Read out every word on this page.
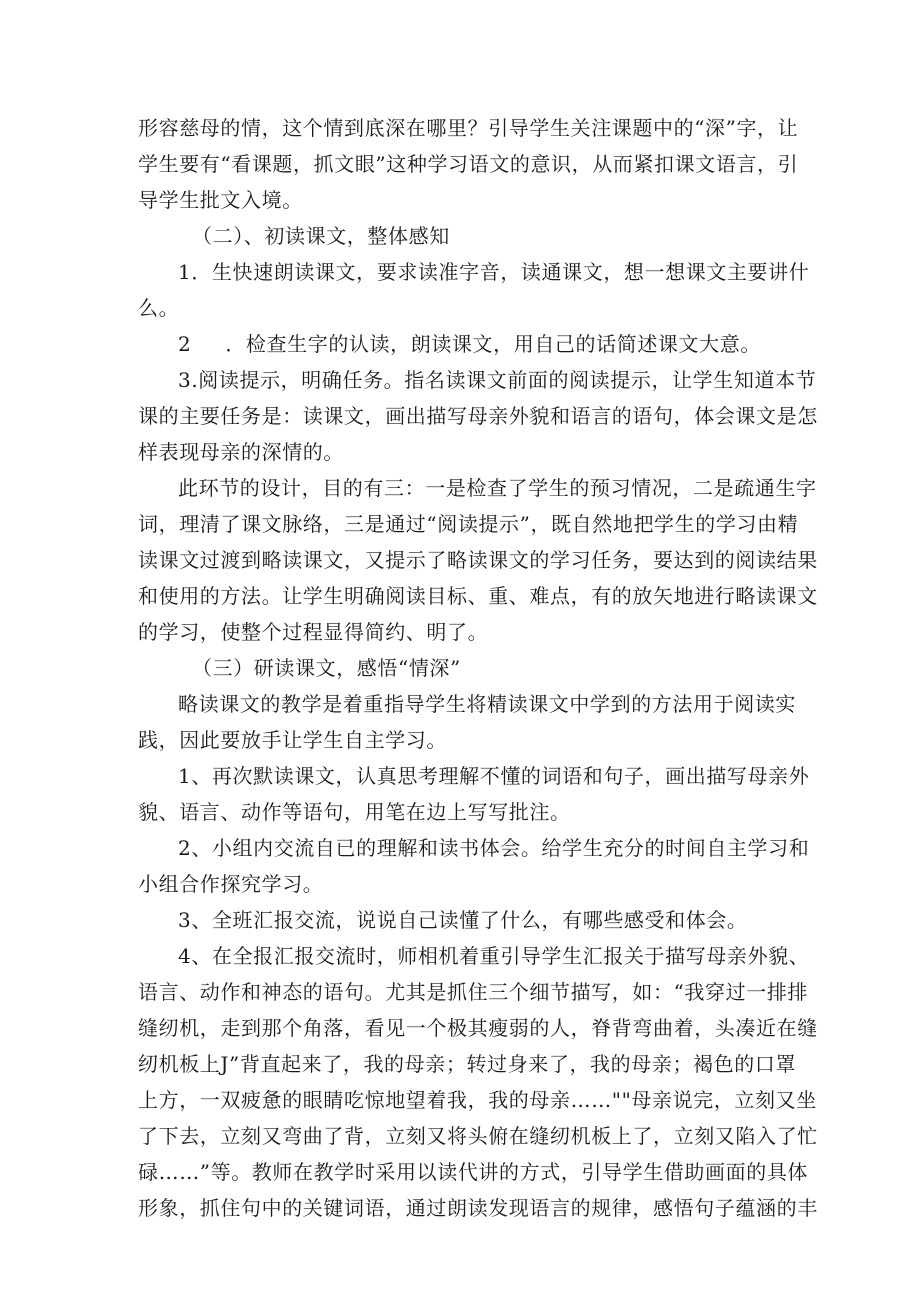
形容慈母的情，这个情到底深在哪里？引导学生关注课题中的“深”字，让
学生要有“看课题，抓文眼”这种学习语文的意识，从而紧扣课文语言，引
导学生批文入境。
（二）、初读课文，整体感知
1．生快速朗读课文，要求读准字音，读通课文，想一想课文主要讲什
么。
2 ．检查生字的认读，朗读课文，用自己的话简述课文大意。
3.阅读提示，明确任务。指名读课文前面的阅读提示，让学生知道本节
课的主要任务是：读课文，画出描写母亲外貌和语言的语句，体会课文是怎
样表现母亲的深情的。
此环节的设计，目的有三：一是检查了学生的预习情况，二是疏通生字
词，理清了课文脉络，三是通过“阅读提示”，既自然地把学生的学习由精
读课文过渡到略读课文，又提示了略读课文的学习任务，要达到的阅读结果
和使用的方法。让学生明确阅读目标、重、难点，有的放矢地进行略读课文
的学习，使整个过程显得简约、明了。
（三）研读课文，感悟“情深”
略读课文的教学是着重指导学生将精读课文中学到的方法用于阅读实
践，因此要放手让学生自主学习。
1、再次默读课文，认真思考理解不懂的词语和句子，画出描写母亲外
貌、语言、动作等语句，用笔在边上写写批注。
2、小组内交流自已的理解和读书体会。给学生充分的时间自主学习和
小组合作探究学习。
3、全班汇报交流，说说自己读懂了什么，有哪些感受和体会。
4、在全报汇报交流时，师相机着重引导学生汇报关于描写母亲外貌、
语言、动作和神态的语句。尤其是抓住三个细节描写，如：“我穿过一排排
缝纫机，走到那个角落，看见一个极其瘦弱的人，脊背弯曲着，头凑近在缝
纫机板上J”背直起来了，我的母亲；转过身来了，我的母亲；褐色的口罩
上方，一双疲惫的眼睛吃惊地望着我，我的母亲……""母亲说完，立刻又坐
了下去，立刻又弯曲了背，立刻又将头俯在缝纫机板上了，立刻又陷入了忙
碌……”等。教师在教学时采用以读代讲的方式，引导学生借助画面的具体
形象，抓住句中的关键词语，通过朗读发现语言的规律，感悟句子蕴涵的丰
